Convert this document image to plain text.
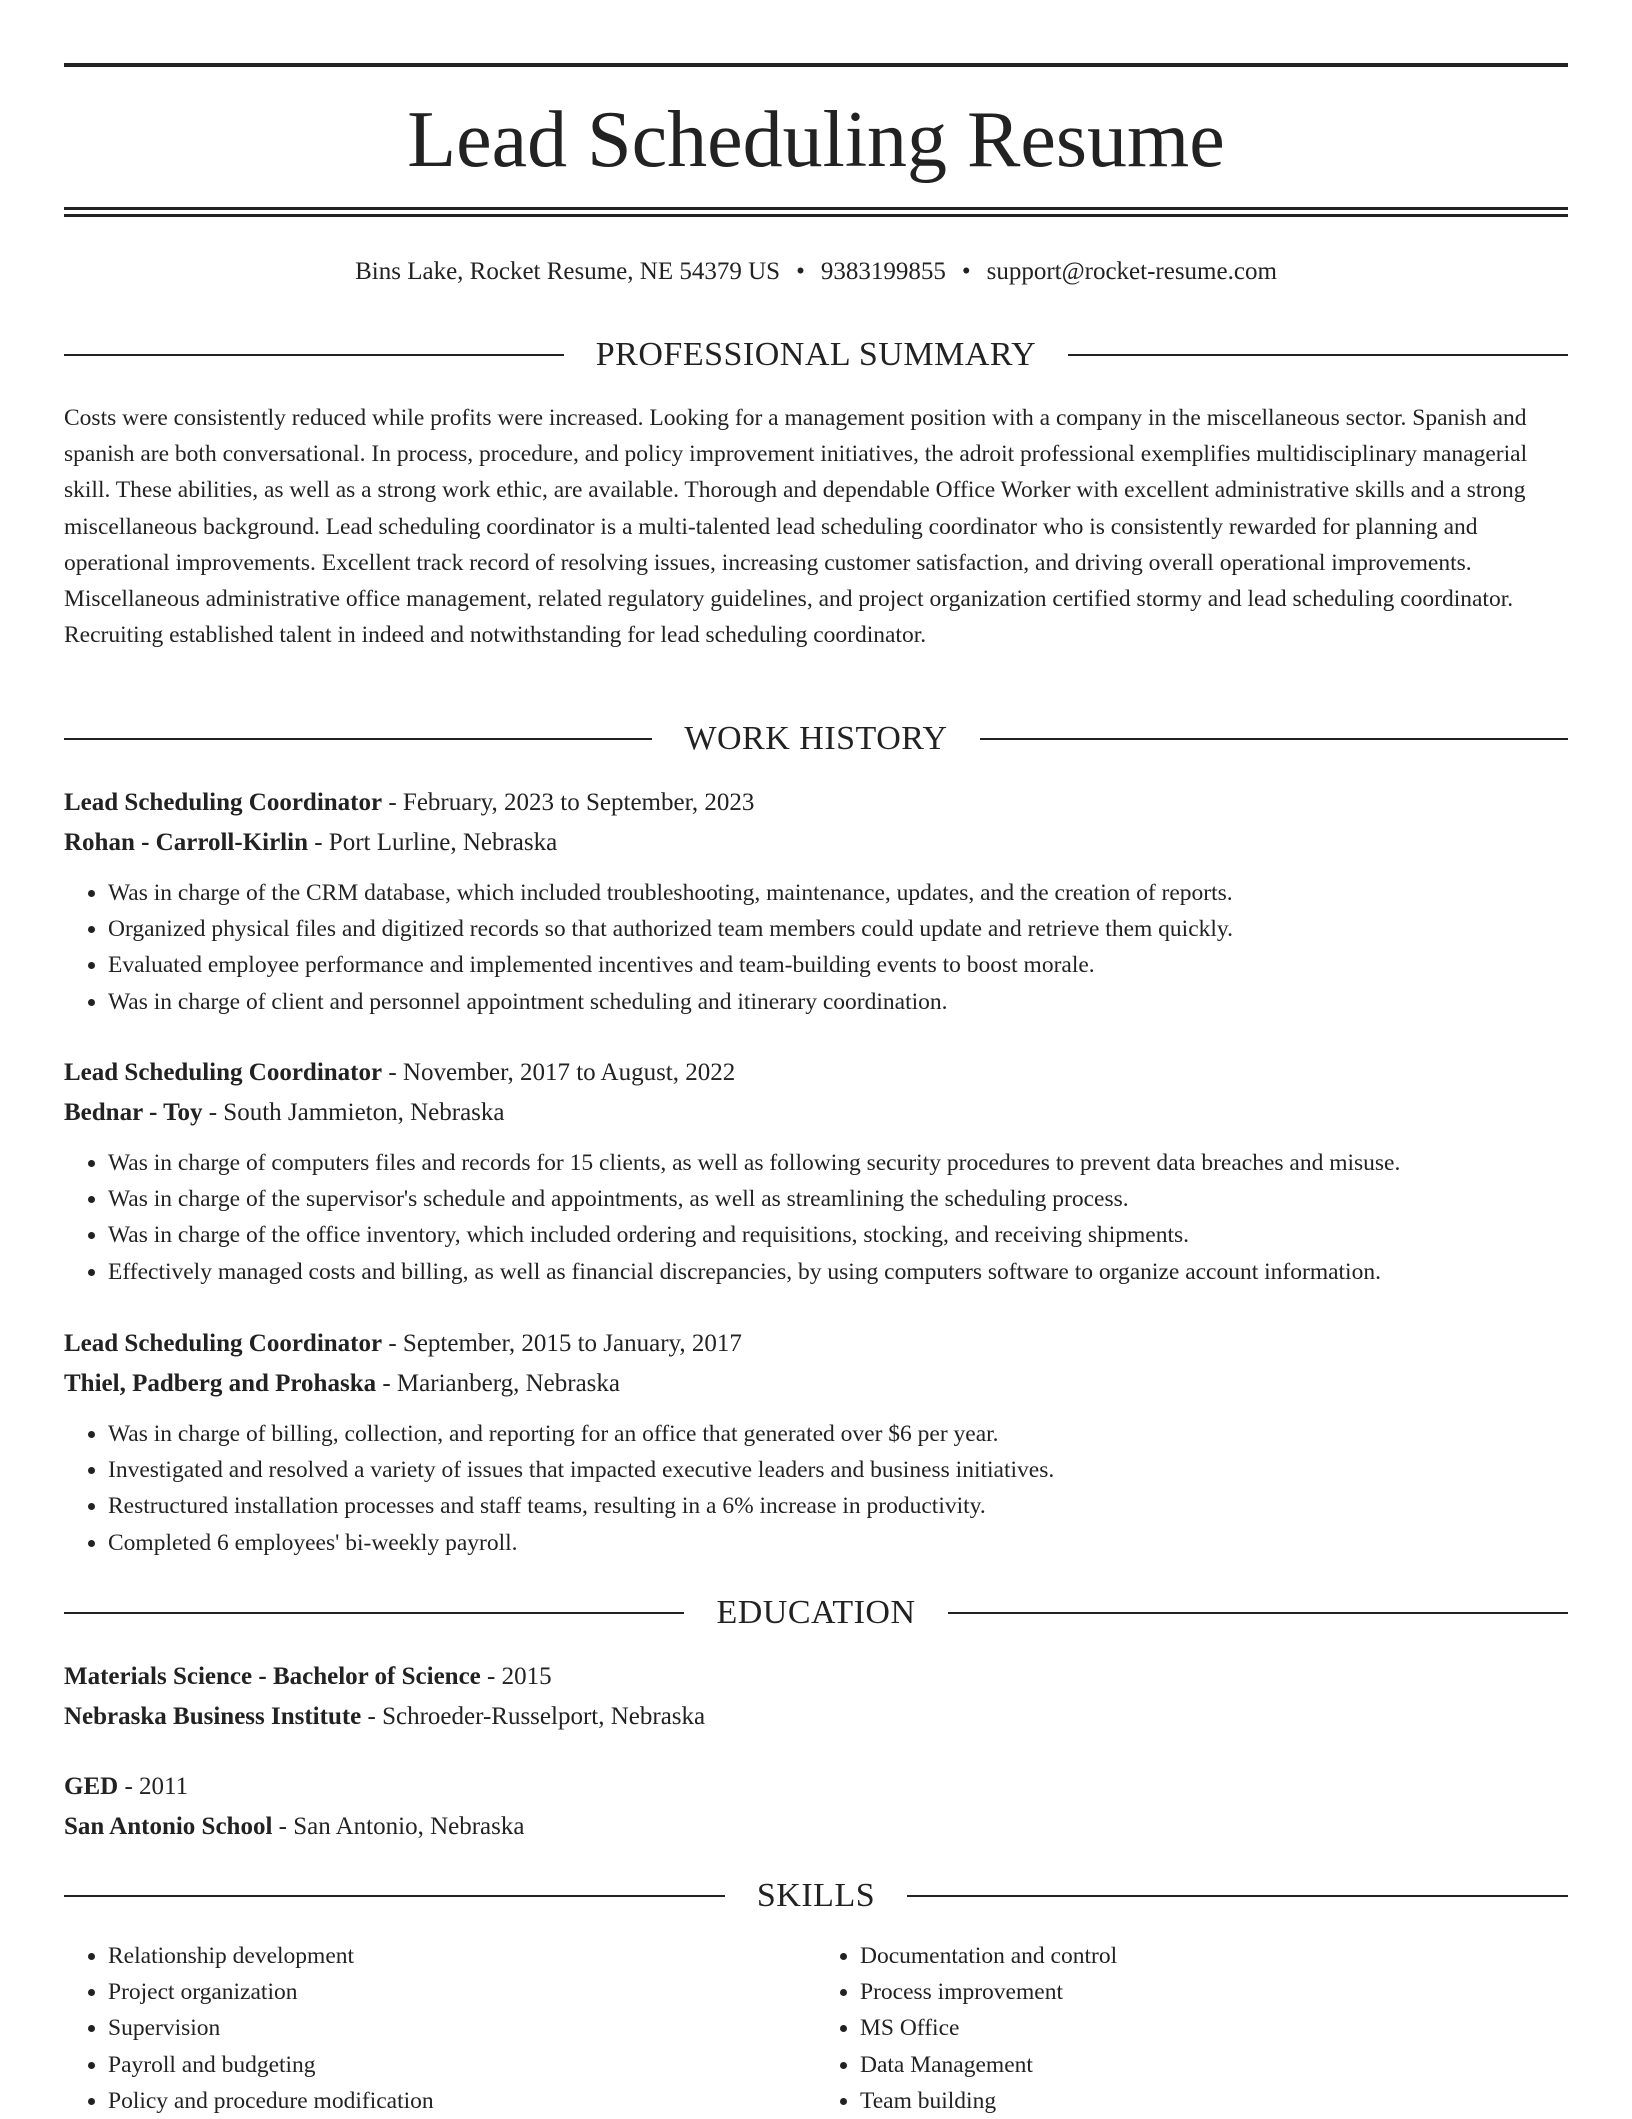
Lead Scheduling Resume
Bins Lake, Rocket Resume, NE 54379 US • 9383199855 • support@rocket-resume.com
PROFESSIONAL SUMMARY

Costs were consistently reduced while profits were increased. Looking for a management position with a company in the miscellaneous sector. Spanish and spanish are both conversational. In process, procedure, and policy improvement initiatives, the adroit professional exemplifies multidisciplinary managerial skill. These abilities, as well as a strong work ethic, are available. Thorough and dependable Office Worker with excellent administrative skills and a strong miscellaneous background. Lead scheduling coordinator is a multi-talented lead scheduling coordinator who is consistently rewarded for planning and operational improvements. Excellent track record of resolving issues, increasing customer satisfaction, and driving overall operational improvements. Miscellaneous administrative office management, related regulatory guidelines, and project organization certified stormy and lead scheduling coordinator. Recruiting established talent in indeed and notwithstanding for lead scheduling coordinator.

WORK HISTORY
Lead Scheduling Coordinator - February, 2023 to September, 2023
Rohan - Carroll-Kirlin - Port Lurline, Nebraska
• Was in charge of the CRM database, which included troubleshooting, maintenance, updates, and the creation of reports.
• Organized physical files and digitized records so that authorized team members could update and retrieve them quickly.
• Evaluated employee performance and implemented incentives and team-building events to boost morale.
• Was in charge of client and personnel appointment scheduling and itinerary coordination.
Lead Scheduling Coordinator - November, 2017 to August, 2022
Bednar - Toy - South Jammieton, Nebraska
• Was in charge of computers files and records for 15 clients, as well as following security procedures to prevent data breaches and misuse.
• Was in charge of the supervisor's schedule and appointments, as well as streamlining the scheduling process.
• Was in charge of the office inventory, which included ordering and requisitions, stocking, and receiving shipments.
• Effectively managed costs and billing, as well as financial discrepancies, by using computers software to organize account information.
Lead Scheduling Coordinator - September, 2015 to January, 2017
Thiel, Padberg and Prohaska - Marianberg, Nebraska
• Was in charge of billing, collection, and reporting for an office that generated over $6 per year.
• Investigated and resolved a variety of issues that impacted executive leaders and business initiatives.
• Restructured installation processes and staff teams, resulting in a 6% increase in productivity.
• Completed 6 employees' bi-weekly payroll.
EDUCATION
Materials Science - Bachelor of Science - 2015
Nebraska Business Institute - Schroeder-Russelport, Nebraska
GED - 2011
San Antonio School - San Antonio, Nebraska
SKILLS
• Relationship development
• Project organization
• Supervision
• Payroll and budgeting
• Policy and procedure modification
• Documentation and control
• Process improvement
• MS Office
• Data Management
• Team building
